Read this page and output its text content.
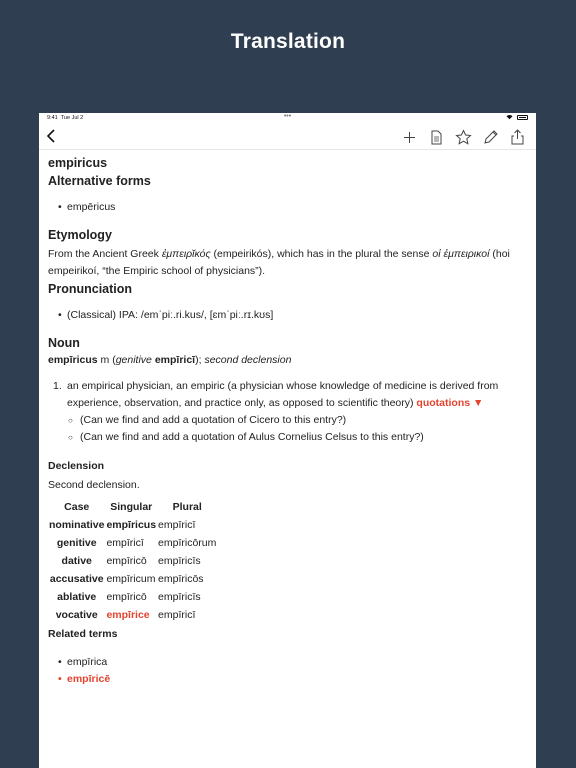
Translation
9:41 Tue Jul 2	•••
empiricus
Alternative forms
• empēricus
Etymology

From the Ancient Greek ἐμπειρῐκός (empeirikós), which has in the plural the sense οἱ ἐμπειρικοί (hoi empeirikoí, “the Empiric school of physicians”).

Pronunciation
• (Classical) IPA: /emˈpiː.ri.kus/, [ɛmˈpiː.rɪ.kʊs]
Noun

empīricus m (genitive empīricī); second declension

1. an empirical physician, an empiric (a physician whose knowledge of medicine is derived from experience, observation, and practice only, as opposed to scientific theory) quotations ▼
○ (Can we find and add a quotation of Cicero to this entry?)
○ (Can we find and add a quotation of Aulus Cornelius Celsus to this entry?)
Declension

Second declension.

Case	Singular	Plural
nominative	empīricus	empīricī
genitive	empīricī	empīricōrum
dative	empīricō	empīricīs
accusative	empīricum	empīricōs
ablative	empīricō	empīricīs
vocative	empīrice	empīricī
Related terms
• empīrica
• empīricē
